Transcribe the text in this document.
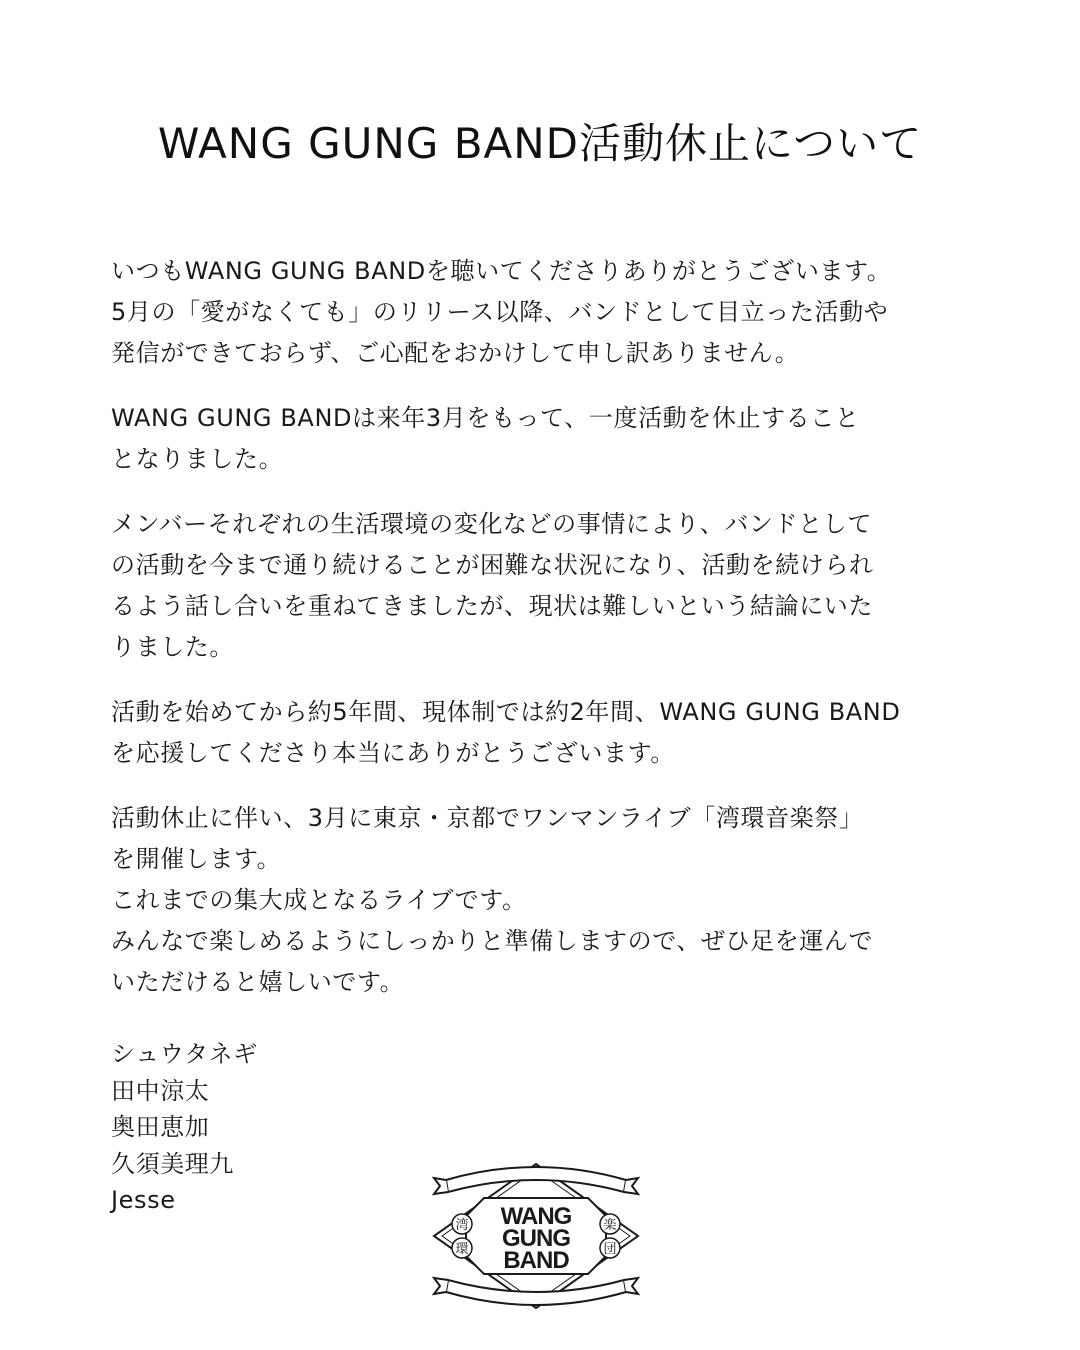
WANG GUNG BAND活動休止について

いつもWANG GUNG BANDを聴いてくださりありがとうございます。
5月の「愛がなくても」のリリース以降、バンドとして目立った活動や
発信ができておらず、ご心配をおかけして申し訳ありません。

WANG GUNG BANDは来年3月をもって、一度活動を休止すること
となりました。

メンバーそれぞれの生活環境の変化などの事情により、バンドとして
の活動を今まで通り続けることが困難な状況になり、活動を続けられ
るよう話し合いを重ねてきましたが、現状は難しいという結論にいた
りました。

活動を始めてから約5年間、現体制では約2年間、WANG GUNG BAND
を応援してくださり本当にありがとうございます。

活動休止に伴い、3月に東京・京都でワンマンライブ「湾環音楽祭」
を開催します。
これまでの集大成となるライブです。
みんなで楽しめるようにしっかりと準備しますので、ぜひ足を運んで
いただけると嬉しいです。

シュウタネギ
田中涼太
奥田恵加
久須美理九
Jesse
湾
環
楽
団
WANG
GUNG
BAND
